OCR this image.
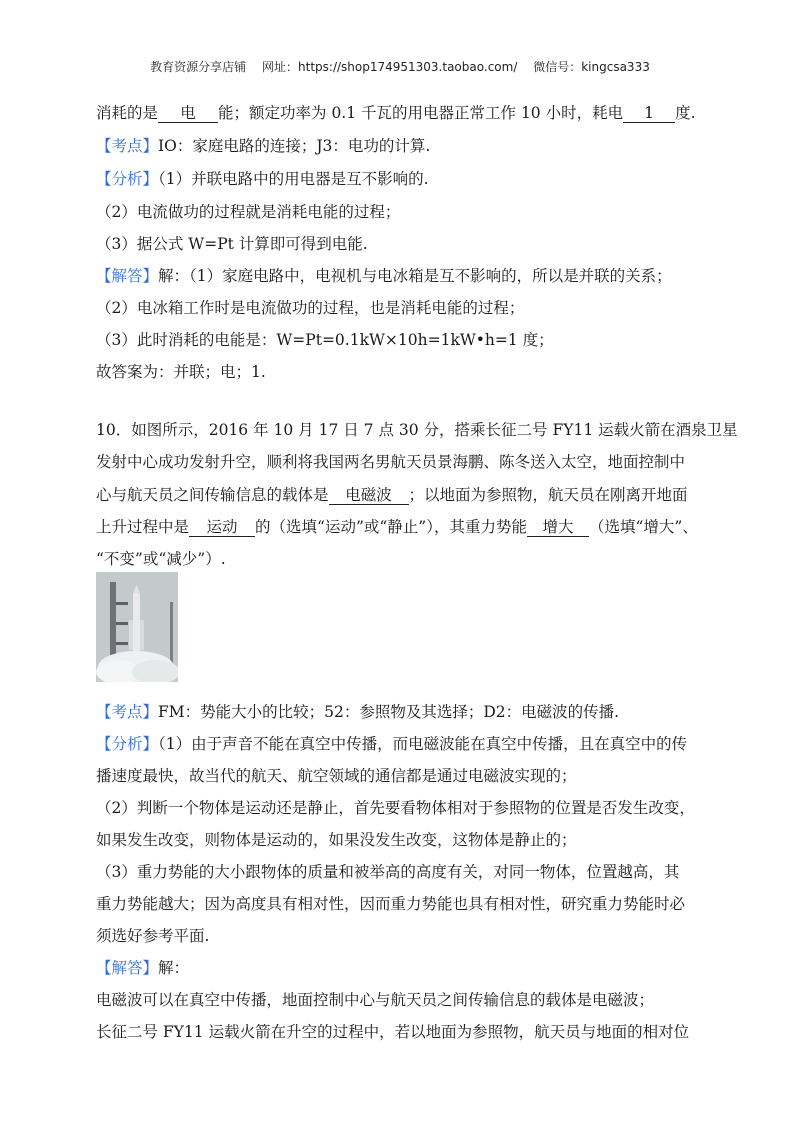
教育资源分享店铺 网址：https://shop174951303.taobao.com/ 微信号：kingcsa333
消耗的是 电 能；额定功率为 0.1 千瓦的用电器正常工作 10 小时，耗电 1 度.
【考点】IO：家庭电路的连接；J3：电功的计算.
【分析】（1）并联电路中的用电器是互不影响的.
（2）电流做功的过程就是消耗电能的过程；
（3）据公式 W=Pt 计算即可得到电能.
【解答】解：（1）家庭电路中，电视机与电冰箱是互不影响的，所以是并联的关系；
（2）电冰箱工作时是电流做功的过程，也是消耗电能的过程；
（3）此时消耗的电能是：W=Pt=0.1kW×10h=1kW•h=1 度；
故答案为：并联；电；1.
10．如图所示，2016 年 10 月 17 日 7 点 30 分，搭乘长征二号 FY11 运载火箭在酒泉卫星
发射中心成功发射升空，顺利将我国两名男航天员景海鹏、陈冬送入太空，地面控制中
心与航天员之间传输信息的载体是 电磁波 ；以地面为参照物，航天员在刚离开地面
上升过程中是 运动 的（选填“运动”或“静止”），其重力势能 增大 （选填“增大”、
“不变”或“减少”）.
【考点】FM：势能大小的比较；52：参照物及其选择；D2：电磁波的传播.
【分析】（1）由于声音不能在真空中传播，而电磁波能在真空中传播，且在真空中的传
播速度最快，故当代的航天、航空领域的通信都是通过电磁波实现的；
（2）判断一个物体是运动还是静止，首先要看物体相对于参照物的位置是否发生改变，
如果发生改变，则物体是运动的，如果没发生改变，这物体是静止的；
（3）重力势能的大小跟物体的质量和被举高的高度有关，对同一物体，位置越高，其
重力势能越大；因为高度具有相对性，因而重力势能也具有相对性，研究重力势能时必
须选好参考平面.
【解答】解：
电磁波可以在真空中传播，地面控制中心与航天员之间传输信息的载体是电磁波；
长征二号 FY11 运载火箭在升空的过程中，若以地面为参照物，航天员与地面的相对位
